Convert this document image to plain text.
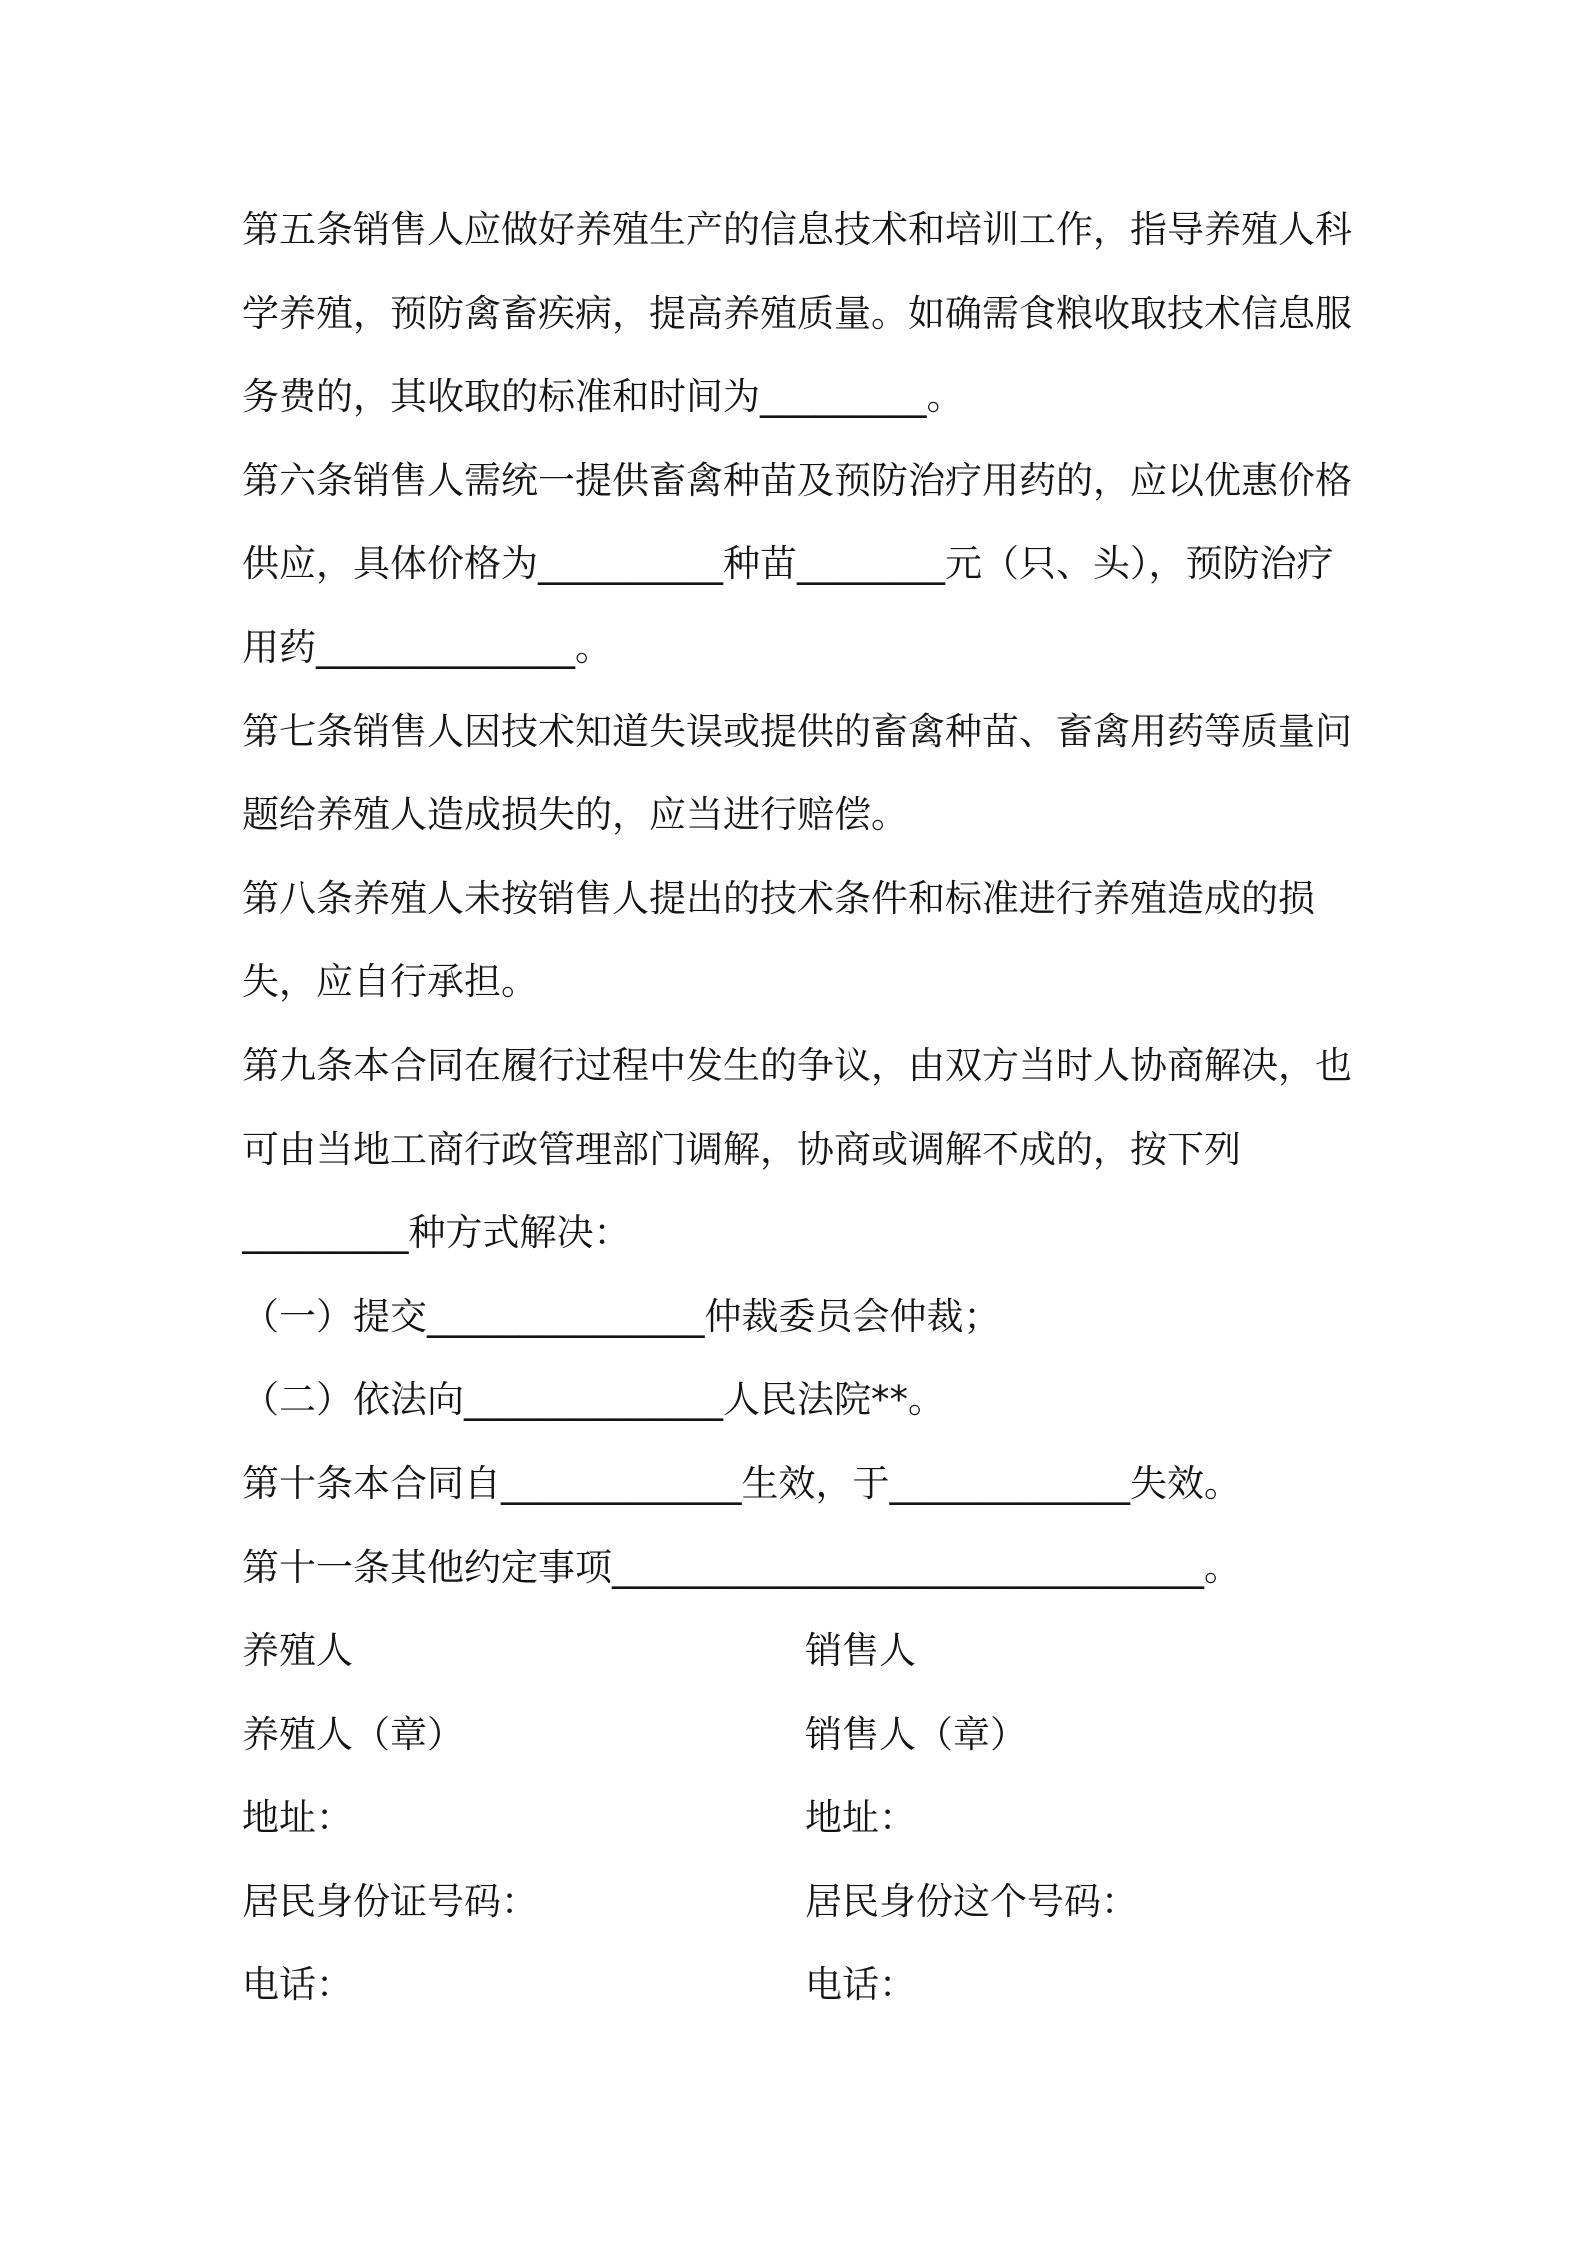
第五条销售人应做好养殖生产的信息技术和培训工作，指导养殖人科
学养殖，预防禽畜疾病，提高养殖质量。如确需食粮收取技术信息服
务费的，其收取的标准和时间为_________。
第六条销售人需统一提供畜禽种苗及预防治疗用药的，应以优惠价格
供应，具体价格为__________种苗________元（只、头），预防治疗
用药______________。
第七条销售人因技术知道失误或提供的畜禽种苗、畜禽用药等质量问
题给养殖人造成损失的，应当进行赔偿。
第八条养殖人未按销售人提出的技术条件和标准进行养殖造成的损
失，应自行承担。
第九条本合同在履行过程中发生的争议，由双方当时人协商解决，也
可由当地工商行政管理部门调解，协商或调解不成的，按下列
_________种方式解决：
（一）提交_______________仲裁委员会仲裁；
（二）依法向______________人民法院**。
第十条本合同自_____________生效，于_____________失效。
第十一条其他约定事项________________________________。
养殖人	销售人
养殖人（章）	销售人（章）
地址：	地址：
居民身份证号码：	居民身份这个号码：
电话：	电话：
